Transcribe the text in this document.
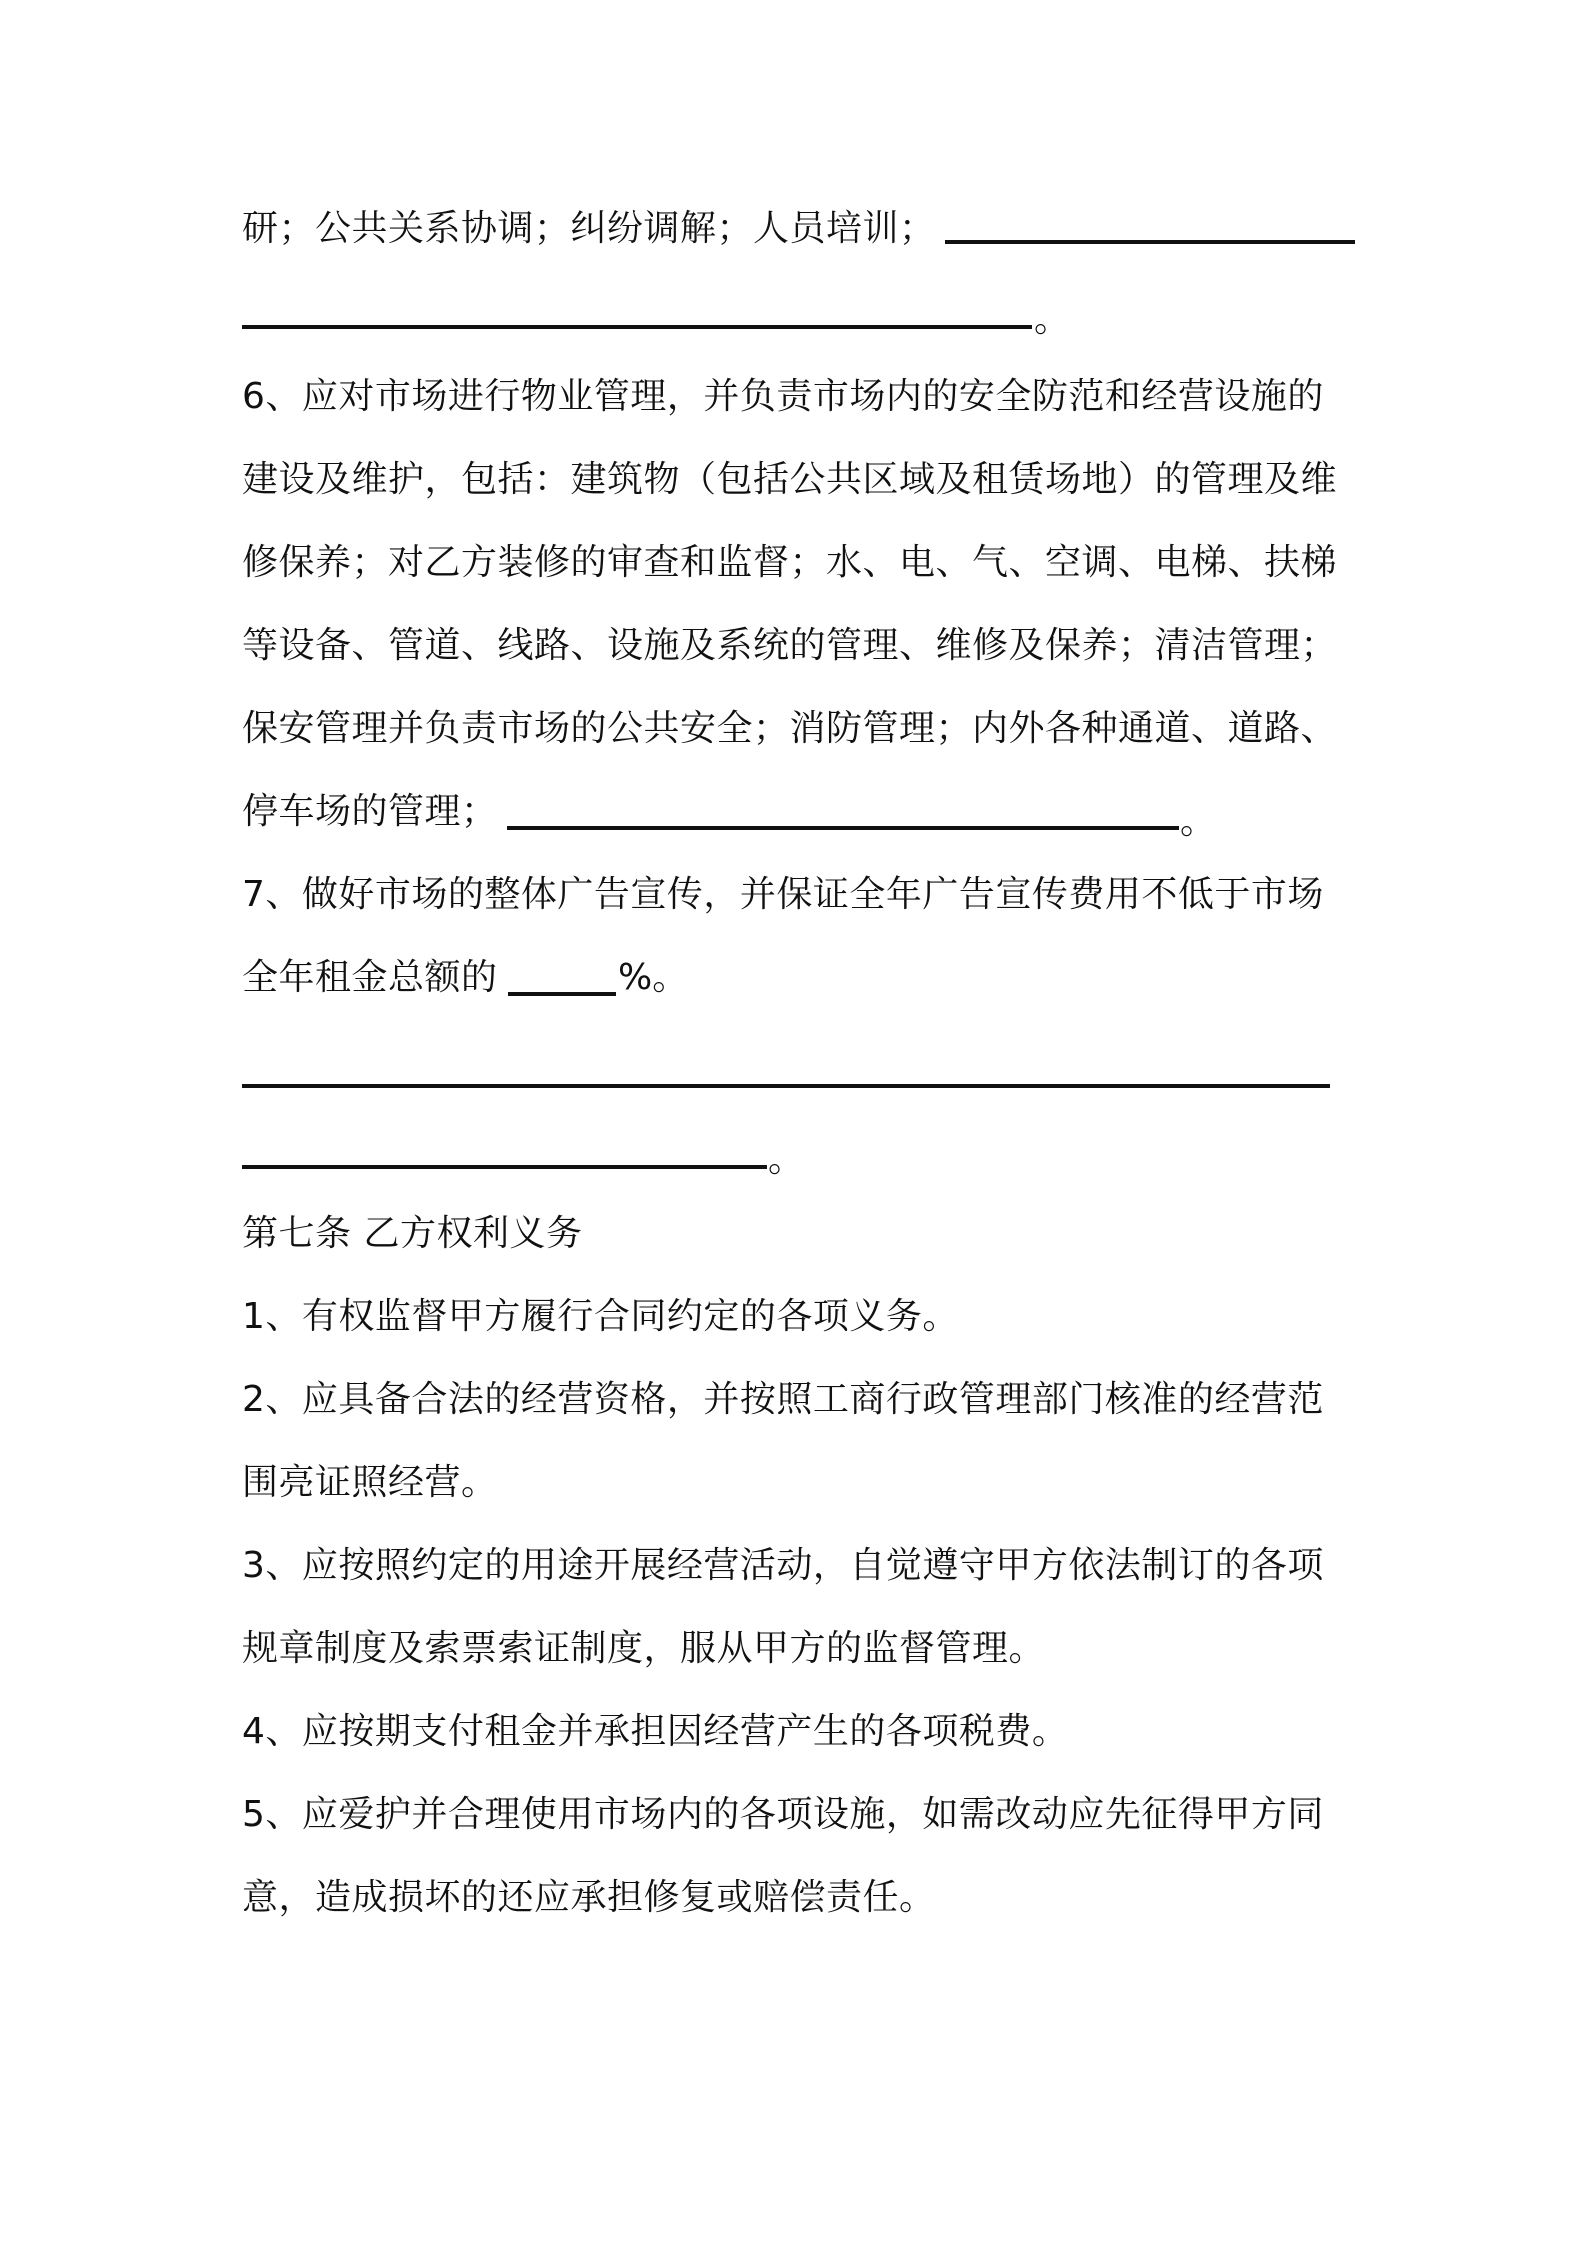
研；公共关系协调；纠纷调解；人员培训；
。
6、应对市场进行物业管理，并负责市场内的安全防范和经营设施的
建设及维护，包括：建筑物（包括公共区域及租赁场地）的管理及维
修保养；对乙方装修的审查和监督；水、电、气、空调、电梯、扶梯
等设备、管道、线路、设施及系统的管理、维修及保养；清洁管理；
保安管理并负责市场的公共安全；消防管理；内外各种通道、道路、
停车场的管理；	。
7、做好市场的整体广告宣传，并保证全年广告宣传费用不低于市场
全年租金总额的	%。
。
第七条 乙方权利义务
1、有权监督甲方履行合同约定的各项义务。
2、应具备合法的经营资格，并按照工商行政管理部门核准的经营范
围亮证照经营。
3、应按照约定的用途开展经营活动，自觉遵守甲方依法制订的各项
规章制度及索票索证制度，服从甲方的监督管理。
4、应按期支付租金并承担因经营产生的各项税费。
5、应爱护并合理使用市场内的各项设施，如需改动应先征得甲方同
意，造成损坏的还应承担修复或赔偿责任。
